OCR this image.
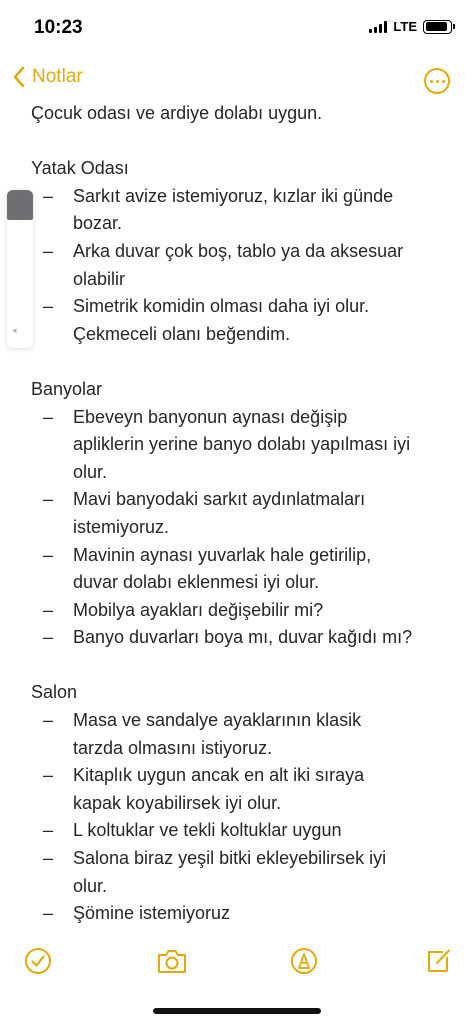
10:23	LTE
Notlar
Çocuk odası ve ardiye dolabı uygun.
Yatak Odası
– Sarkıt avize istemiyoruz, kızlar iki günde
bozar.
– Arka duvar çok boş, tablo ya da aksesuar
olabilir
– Simetrik komidin olması daha iyi olur.
Çekmeceli olanı beğendim.
Banyolar
– Ebeveyn banyonun aynası değişip
apliklerin yerine banyo dolabı yapılması iyi
olur.
– Mavi banyodaki sarkıt aydınlatmaları
istemiyoruz.
– Mavinin aynası yuvarlak hale getirilip,
duvar dolabı eklenmesi iyi olur.
– Mobilya ayakları değişebilir mi?
– Banyo duvarları boya mı, duvar kağıdı mı?
Salon
– Masa ve sandalye ayaklarının klasik
tarzda olmasını istiyoruz.
– Kitaplık uygun ancak en alt iki sıraya
kapak koyabilirsek iyi olur.
– L koltuklar ve tekli koltuklar uygun
– Salona biraz yeşil bitki ekleyebilirsek iyi
olur.
– Şömine istemiyoruz
◂
